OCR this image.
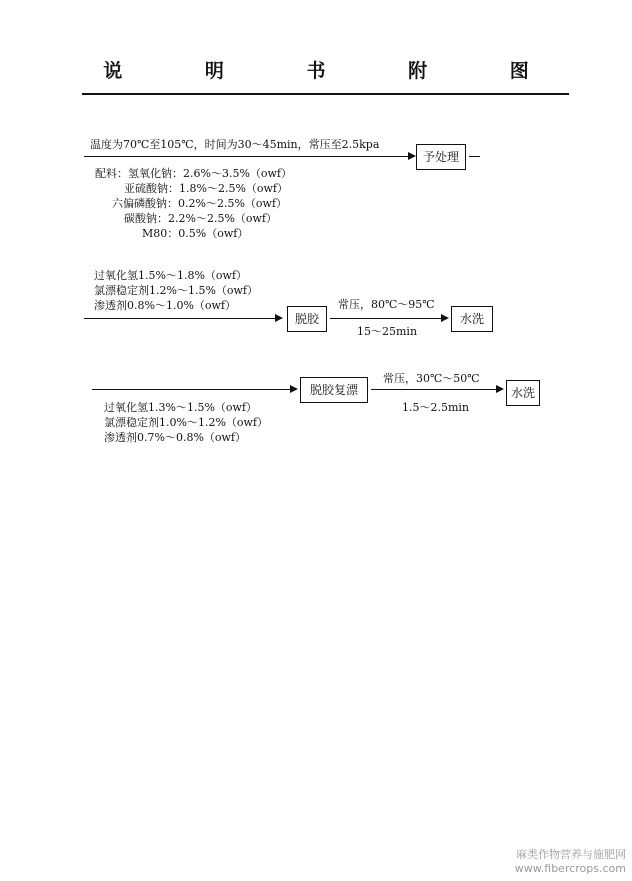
说 明 书 附 图
温度为70℃至105℃，时间为30～45min，常压至2.5kpa
予处理
配料：氢氧化钠：2.6%～3.5%（owf）
亚硫酸钠：1.8%～2.5%（owf）
六偏磷酸钠：0.2%～2.5%（owf）
碳酸钠：2.2%～2.5%（owf）
M80：0.5%（owf）
过氧化氢1.5%～1.8%（owf）
氯漂稳定剂1.2%～1.5%（owf）
渗透剂0.8%～1.0%（owf）
脱胶
常压，80℃～95℃
15～25min
水洗
脱胶复漂
常压，30℃～50℃
1.5～2.5min
水洗
过氧化氢1.3%～1.5%（owf）
氯漂稳定剂1.0%～1.2%（owf）
渗透剂0.7%～0.8%（owf）
麻类作物营养与施肥网
www.fibercrops.com
